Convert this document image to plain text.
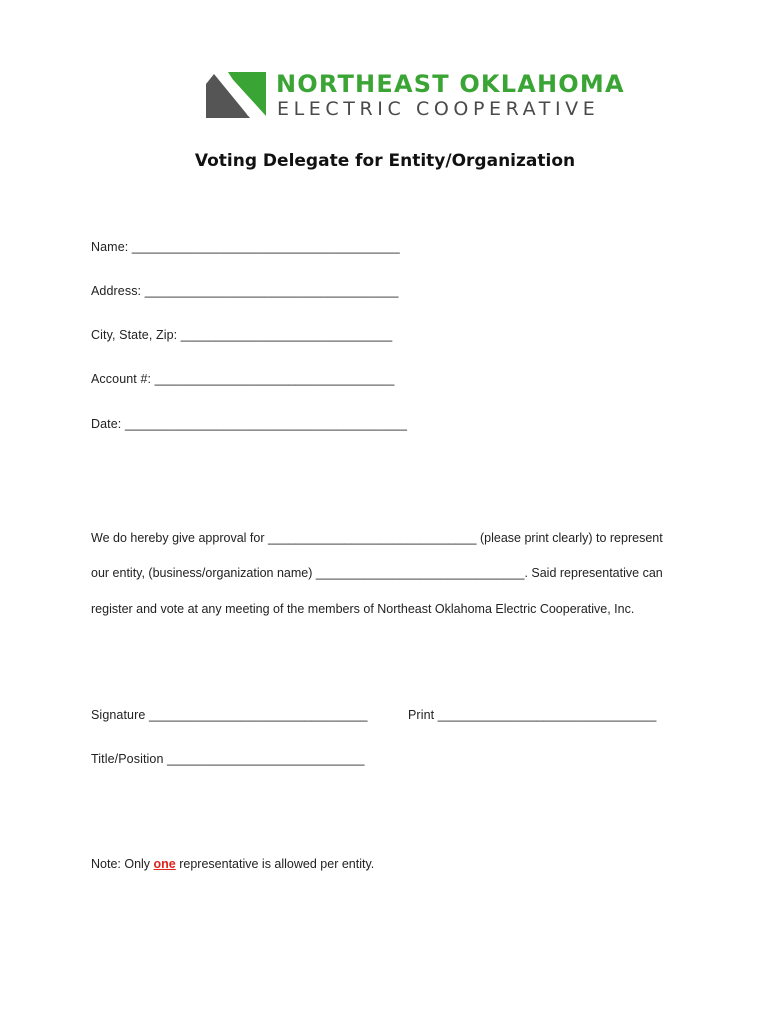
NORTHEAST OKLAHOMA
ELECTRIC COOPERATIVE
Voting Delegate for Entity/Organization
Name: ______________________________________
Address: ____________________________________
City, State, Zip: ______________________________
Account #: __________________________________
Date: ________________________________________
We do hereby give approval for ______________________________ (please print clearly) to represent
our entity, (business/organization name) ______________________________. Said representative can
register and vote at any meeting of the members of Northeast Oklahoma Electric Cooperative, Inc.
Signature _______________________________	Print _______________________________
Title/Position ____________________________
Note: Only one representative is allowed per entity.
